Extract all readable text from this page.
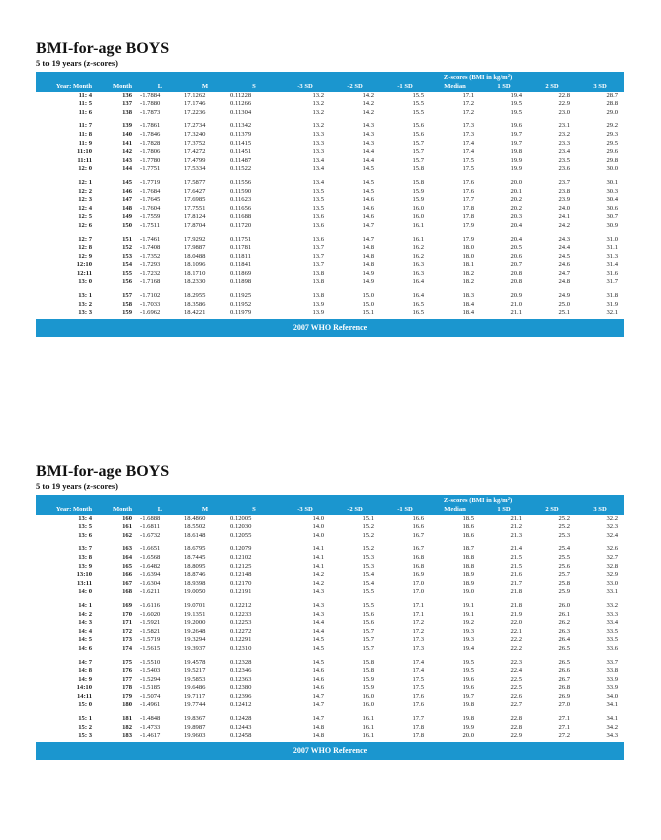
BMI-for-age BOYS
5 to 19 years (z-scores)
							Z-scores (BMI in $kg/m^2$)				
Year: Month	Month	L	M	S	-3 SD	-2 SD	-1 SD	Median	1 SD	2 SD	3 SD
11: 4	136	-1.7884	17.1262	0.11228	13.2	14.2	15.5	17.1	19.4	22.8	28.7
11: 5	137	-1.7880	17.1746	0.11266	13.2	14.2	15.5	17.2	19.5	22.9	28.8
11: 6	138	-1.7873	17.2236	0.11304	13.2	14.2	15.5	17.2	19.5	23.0	29.0

11: 7	139	-1.7861	17.2734	0.11342	13.2	14.3	15.6	17.3	19.6	23.1	29.2
11: 8	140	-1.7846	17.3240	0.11379	13.3	14.3	15.6	17.3	19.7	23.2	29.3
11: 9	141	-1.7828	17.3752	0.11415	13.3	14.3	15.7	17.4	19.7	23.3	29.5
11:10	142	-1.7806	17.4272	0.11451	13.3	14.4	15.7	17.4	19.8	23.4	29.6
11:11	143	-1.7780	17.4799	0.11487	13.4	14.4	15.7	17.5	19.9	23.5	29.8
12: 0	144	-1.7751	17.5334	0.11522	13.4	14.5	15.8	17.5	19.9	23.6	30.0

12: 1	145	-1.7719	17.5877	0.11556	13.4	14.5	15.8	17.6	20.0	23.7	30.1
12: 2	146	-1.7684	17.6427	0.11590	13.5	14.5	15.9	17.6	20.1	23.8	30.3
12: 3	147	-1.7645	17.6985	0.11623	13.5	14.6	15.9	17.7	20.2	23.9	30.4
12: 4	148	-1.7604	17.7551	0.11656	13.5	14.6	16.0	17.8	20.2	24.0	30.6
12: 5	149	-1.7559	17.8124	0.11688	13.6	14.6	16.0	17.8	20.3	24.1	30.7
12: 6	150	-1.7511	17.8704	0.11720	13.6	14.7	16.1	17.9	20.4	24.2	30.9

12: 7	151	-1.7461	17.9292	0.11751	13.6	14.7	16.1	17.9	20.4	24.3	31.0
12: 8	152	-1.7408	17.9887	0.11781	13.7	14.8	16.2	18.0	20.5	24.4	31.1
12: 9	153	-1.7352	18.0488	0.11811	13.7	14.8	16.2	18.0	20.6	24.5	31.3
12:10	154	-1.7293	18.1096	0.11841	13.7	14.8	16.3	18.1	20.7	24.6	31.4
12:11	155	-1.7232	18.1710	0.11869	13.8	14.9	16.3	18.2	20.8	24.7	31.6
13: 0	156	-1.7168	18.2330	0.11898	13.8	14.9	16.4	18.2	20.8	24.8	31.7

13: 1	157	-1.7102	18.2955	0.11925	13.8	15.0	16.4	18.3	20.9	24.9	31.8
13: 2	158	-1.7033	18.3586	0.11952	13.9	15.0	16.5	18.4	21.0	25.0	31.9
13: 3	159	-1.6962	18.4221	0.11979	13.9	15.1	16.5	18.4	21.1	25.1	32.1
2007 WHO Reference
BMI-for-age BOYS
5 to 19 years (z-scores)
							Z-scores (BMI in $kg/m^2$)				
Year: Month	Month	L	M	S	-3 SD	-2 SD	-1 SD	Median	1 SD	2 SD	3 SD
13: 4	160	-1.6888	18.4860	0.12005	14.0	15.1	16.6	18.5	21.1	25.2	32.2
13: 5	161	-1.6811	18.5502	0.12030	14.0	15.2	16.6	18.6	21.2	25.2	32.3
13: 6	162	-1.6732	18.6148	0.12055	14.0	15.2	16.7	18.6	21.3	25.3	32.4

13: 7	163	-1.6651	18.6795	0.12079	14.1	15.2	16.7	18.7	21.4	25.4	32.6
13: 8	164	-1.6568	18.7445	0.12102	14.1	15.3	16.8	18.8	21.5	25.5	32.7
13: 9	165	-1.6482	18.8095	0.12125	14.1	15.3	16.8	18.8	21.5	25.6	32.8
13:10	166	-1.6394	18.8746	0.12148	14.2	15.4	16.9	18.9	21.6	25.7	32.9
13:11	167	-1.6304	18.9398	0.12170	14.2	15.4	17.0	18.9	21.7	25.8	33.0
14: 0	168	-1.6211	19.0050	0.12191	14.3	15.5	17.0	19.0	21.8	25.9	33.1

14: 1	169	-1.6116	19.0701	0.12212	14.3	15.5	17.1	19.1	21.8	26.0	33.2
14: 2	170	-1.6020	19.1351	0.12233	14.3	15.6	17.1	19.1	21.9	26.1	33.3
14: 3	171	-1.5921	19.2000	0.12253	14.4	15.6	17.2	19.2	22.0	26.2	33.4
14: 4	172	-1.5821	19.2648	0.12272	14.4	15.7	17.2	19.3	22.1	26.3	33.5
14: 5	173	-1.5719	19.3294	0.12291	14.5	15.7	17.3	19.3	22.2	26.4	33.5
14: 6	174	-1.5615	19.3937	0.12310	14.5	15.7	17.3	19.4	22.2	26.5	33.6

14: 7	175	-1.5510	19.4578	0.12328	14.5	15.8	17.4	19.5	22.3	26.5	33.7
14: 8	176	-1.5403	19.5217	0.12346	14.6	15.8	17.4	19.5	22.4	26.6	33.8
14: 9	177	-1.5294	19.5853	0.12363	14.6	15.9	17.5	19.6	22.5	26.7	33.9
14:10	178	-1.5185	19.6486	0.12380	14.6	15.9	17.5	19.6	22.5	26.8	33.9
14:11	179	-1.5074	19.7117	0.12396	14.7	16.0	17.6	19.7	22.6	26.9	34.0
15: 0	180	-1.4961	19.7744	0.12412	14.7	16.0	17.6	19.8	22.7	27.0	34.1

15: 1	181	-1.4848	19.8367	0.12428	14.7	16.1	17.7	19.8	22.8	27.1	34.1
15: 2	182	-1.4733	19.8987	0.12443	14.8	16.1	17.8	19.9	22.8	27.1	34.2
15: 3	183	-1.4617	19.9603	0.12458	14.8	16.1	17.8	20.0	22.9	27.2	34.3
2007 WHO Reference
